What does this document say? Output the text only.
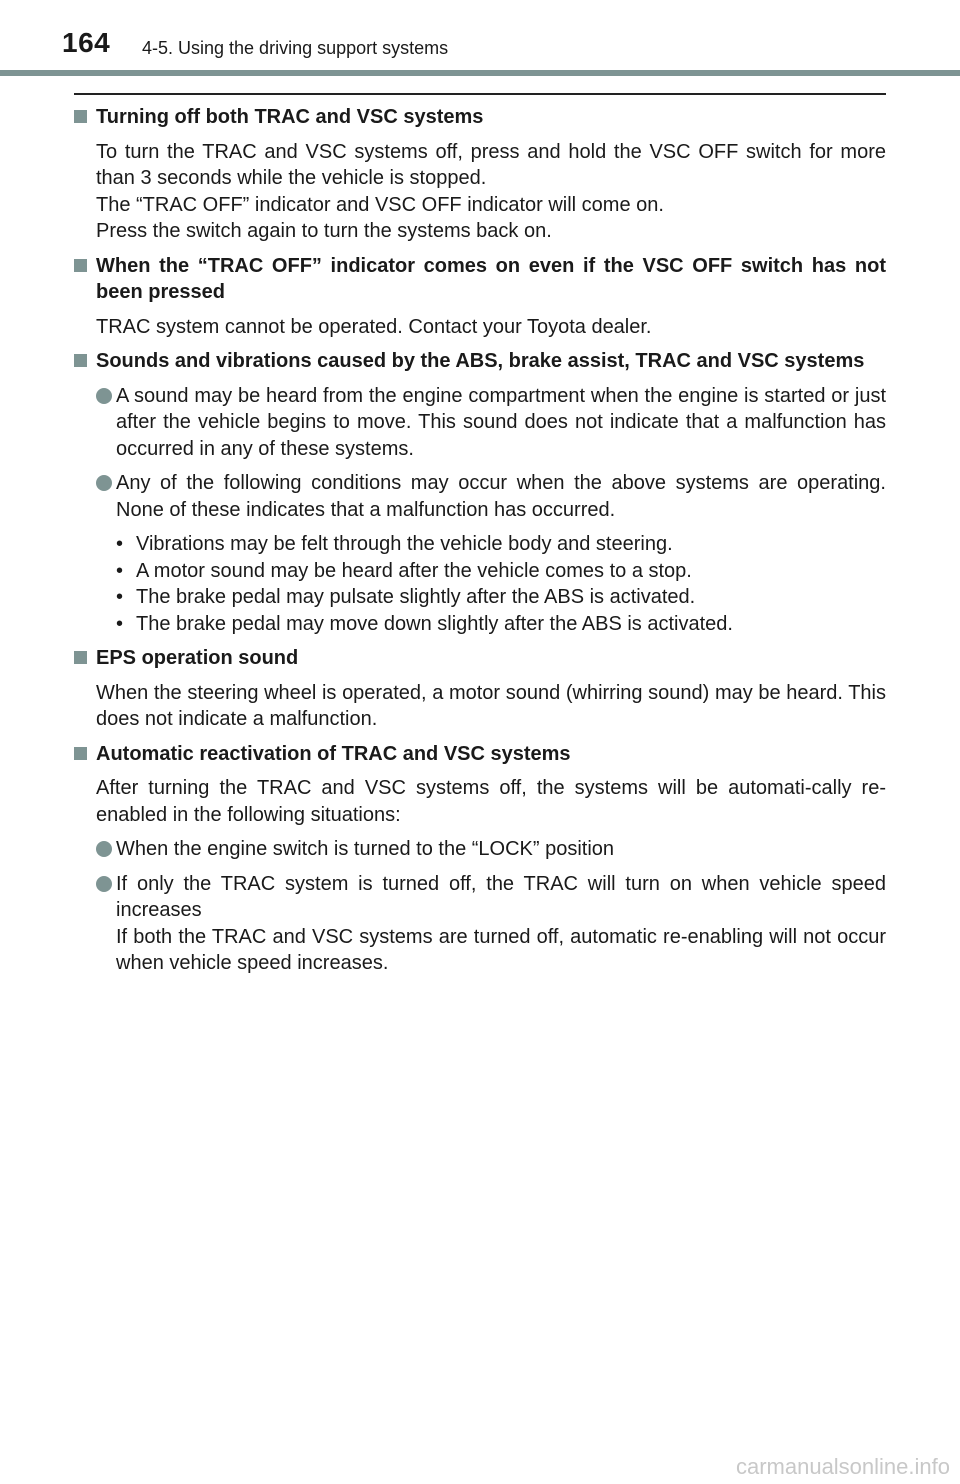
164 4-5. Using the driving support systems
Turning off both TRAC and VSC systems
To turn the TRAC and VSC systems off, press and hold the VSC OFF switch for more than 3 seconds while the vehicle is stopped.
The “TRAC OFF” indicator and VSC OFF indicator will come on.
Press the switch again to turn the systems back on.
When the “TRAC OFF” indicator comes on even if the VSC OFF switch has not been pressed
TRAC system cannot be operated. Contact your Toyota dealer.
Sounds and vibrations caused by the ABS, brake assist, TRAC and VSC systems
A sound may be heard from the engine compartment when the engine is started or just after the vehicle begins to move. This sound does not indicate that a malfunction has occurred in any of these systems.
Any of the following conditions may occur when the above systems are operating. None of these indicates that a malfunction has occurred.
• Vibrations may be felt through the vehicle body and steering.
• A motor sound may be heard after the vehicle comes to a stop.
• The brake pedal may pulsate slightly after the ABS is activated.
• The brake pedal may move down slightly after the ABS is activated.
EPS operation sound
When the steering wheel is operated, a motor sound (whirring sound) may be heard. This does not indicate a malfunction.
Automatic reactivation of TRAC and VSC systems
After turning the TRAC and VSC systems off, the systems will be automati-cally re-enabled in the following situations:
When the engine switch is turned to the “LOCK” position
If only the TRAC system is turned off, the TRAC will turn on when vehicle speed increases
If both the TRAC and VSC systems are turned off, automatic re-enabling will not occur when vehicle speed increases.
carmanualsonline.info
